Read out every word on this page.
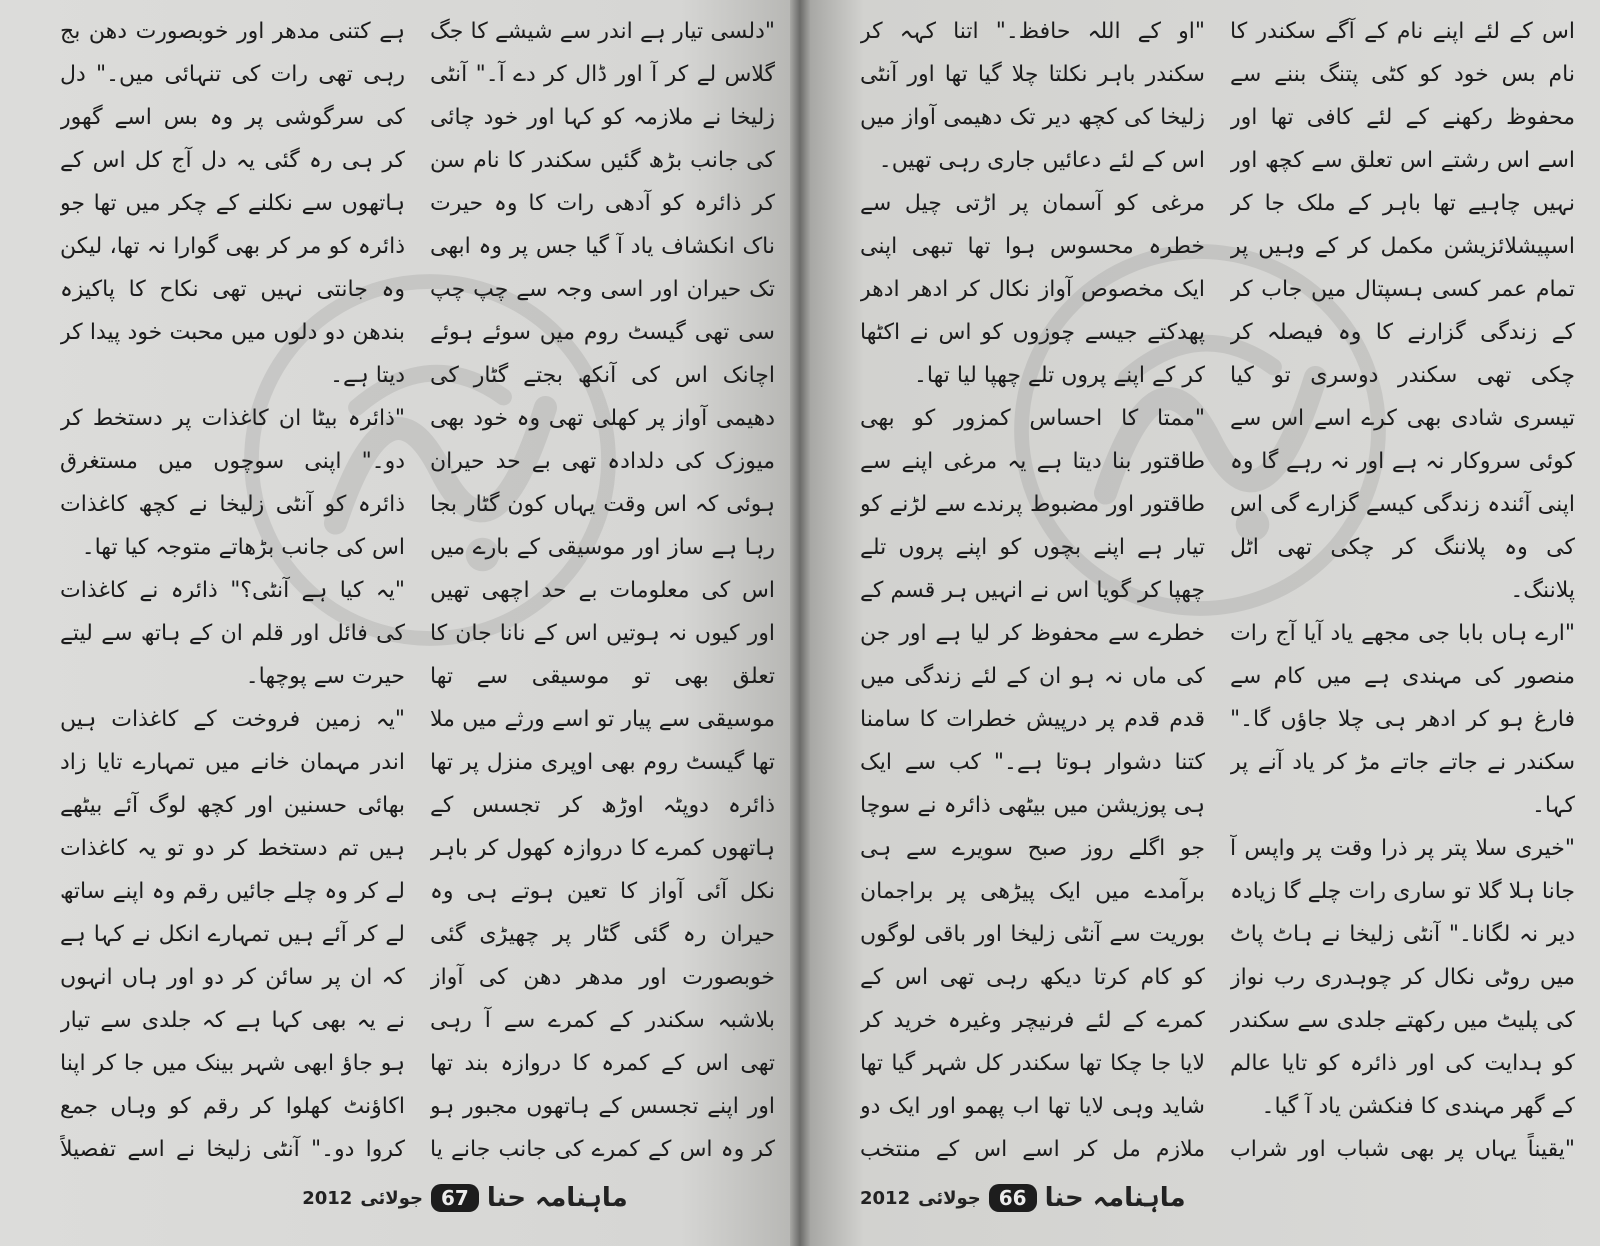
"دلسی تیار ہے اندر سے شیشے کا جگ گلاس لے کر آ اور ڈال کر دے آ۔" آنٹی زلیخا نے ملازمہ کو کہا اور خود چائی کی جانب بڑھ گئیں سکندر کا نام سن کر ذائرہ کو آدھی رات کا وہ حیرت ناک انکشاف یاد آ گیا جس پر وہ ابھی تک حیران اور اسی وجہ سے چپ چپ سی تھی گیسٹ روم میں سوئے ہوئے اچانک اس کی آنکھ بجتے گٹار کی دھیمی آواز پر کھلی تھی وہ خود بھی میوزک کی دلدادہ تھی بے حد حیران ہوئی کہ اس وقت یہاں کون گٹار بجا رہا ہے ساز اور موسیقی کے بارے میں اس کی معلومات بے حد اچھی تھیں اور کیوں نہ ہوتیں اس کے نانا جان کا تعلق بھی تو موسیقی سے تھا موسیقی سے پیار تو اسے ورثے میں ملا تھا گیسٹ روم بھی اوپری منزل پر تھا ذائرہ دوپٹہ اوڑھ کر تجسس کے ہاتھوں کمرے کا دروازہ کھول کر باہر نکل آئی آواز کا تعین ہوتے ہی وہ حیران رہ گئی گٹار پر چھیڑی گئی خوبصورت اور مدھر دھن کی آواز بلاشبہ سکندر کے کمرے سے آ رہی تھی اس کے کمرہ کا دروازہ بند تھا اور اپنے تجسس کے ہاتھوں مجبور ہو کر وہ اس کے کمرے کی جانب جانے یا

ہے کتنی مدھر اور خوبصورت دھن بج رہی تھی رات کی تنہائی میں۔" دل کی سرگوشی پر وہ بس اسے گھور کر ہی رہ گئی یہ دل آج کل اس کے ہاتھوں سے نکلنے کے چکر میں تھا جو ذائرہ کو مر کر بھی گوارا نہ تھا، لیکن وہ جانتی نہیں تھی نکاح کا پاکیزہ بندھن دو دلوں میں محبت خود پیدا کر دیتا ہے۔

"ذائرہ بیٹا ان کاغذات پر دستخط کر دو۔" اپنی سوچوں میں مستغرق ذائرہ کو آنٹی زلیخا نے کچھ کاغذات اس کی جانب بڑھاتے متوجہ کیا تھا۔

"یہ کیا ہے آنٹی؟" ذائرہ نے کاغذات کی فائل اور قلم ان کے ہاتھ سے لیتے حیرت سے پوچھا۔

"یہ زمین فروخت کے کاغذات ہیں اندر مہمان خانے میں تمہارے تایا زاد بھائی حسنین اور کچھ لوگ آئے بیٹھے ہیں تم دستخط کر دو تو یہ کاغذات لے کر وہ چلے جائیں رقم وہ اپنے ساتھ لے کر آئے ہیں تمہارے انکل نے کہا ہے کہ ان پر سائن کر دو اور ہاں انہوں نے یہ بھی کہا ہے کہ جلدی سے تیار ہو جاؤ ابھی شہر بینک میں جا کر اپنا اکاؤنٹ کھلوا کر رقم کو وہاں جمع کروا دو۔" آنٹی زلیخا نے اسے تفصیلاً

2012 جولائی 67 ماہنامہ حنا

اس کے لئے اپنے نام کے آگے سکندر کا نام بس خود کو کٹی پتنگ بننے سے محفوظ رکھنے کے لئے کافی تھا اور اسے اس رشتے اس تعلق سے کچھ اور نہیں چاہیے تھا باہر کے ملک جا کر اسپیشلائزیشن مکمل کر کے وہیں پر تمام عمر کسی ہسپتال میں جاب کر کے زندگی گزارنے کا وہ فیصلہ کر چکی تھی سکندر دوسری تو کیا تیسری شادی بھی کرے اسے اس سے کوئی سروکار نہ ہے اور نہ رہے گا وہ اپنی آئندہ زندگی کیسے گزارے گی اس کی وہ پلاننگ کر چکی تھی اٹل پلاننگ۔

"ارے ہاں بابا جی مجھے یاد آیا آج رات منصور کی مہندی ہے میں کام سے فارغ ہو کر ادھر ہی چلا جاؤں گا۔" سکندر نے جاتے جاتے مڑ کر یاد آنے پر کہا۔

"خیری سلا پتر پر ذرا وقت پر واپس آ جانا ہلا گلا تو ساری رات چلے گا زیادہ دیر نہ لگانا۔" آنٹی زلیخا نے ہاٹ پاٹ میں روٹی نکال کر چوہدری رب نواز کی پلیٹ میں رکھتے جلدی سے سکندر کو ہدایت کی اور ذائرہ کو تایا عالم کے گھر مہندی کا فنکشن یاد آ گیا۔

"یقیناً یہاں پر بھی شباب اور شراب

"او کے اللہ حافظ۔" اتنا کہہ کر سکندر باہر نکلتا چلا گیا تھا اور آنٹی زلیخا کی کچھ دیر تک دھیمی آواز میں اس کے لئے دعائیں جاری رہی تھیں۔

مرغی کو آسمان پر اڑتی چیل سے خطرہ محسوس ہوا تھا تبھی اپنی ایک مخصوص آواز نکال کر ادھر ادھر پھدکتے جیسے چوزوں کو اس نے اکٹھا کر کے اپنے پروں تلے چھپا لیا تھا۔

"ممتا کا احساس کمزور کو بھی طاقتور بنا دیتا ہے یہ مرغی اپنے سے طاقتور اور مضبوط پرندے سے لڑنے کو تیار ہے اپنے بچوں کو اپنے پروں تلے چھپا کر گویا اس نے انہیں ہر قسم کے خطرے سے محفوظ کر لیا ہے اور جن کی ماں نہ ہو ان کے لئے زندگی میں قدم قدم پر درپیش خطرات کا سامنا کتنا دشوار ہوتا ہے۔" کب سے ایک ہی پوزیشن میں بیٹھی ذائرہ نے سوچا جو اگلے روز صبح سویرے سے ہی برآمدے میں ایک پیڑھی پر براجمان بوریت سے آنٹی زلیخا اور باقی لوگوں کو کام کرتا دیکھ رہی تھی اس کے کمرے کے لئے فرنیچر وغیرہ خرید کر لایا جا چکا تھا سکندر کل شہر گیا تھا شاید وہی لایا تھا اب پھمو اور ایک دو ملازم مل کر اسے اس کے منتخب

2012 جولائی 66 ماہنامہ حنا
